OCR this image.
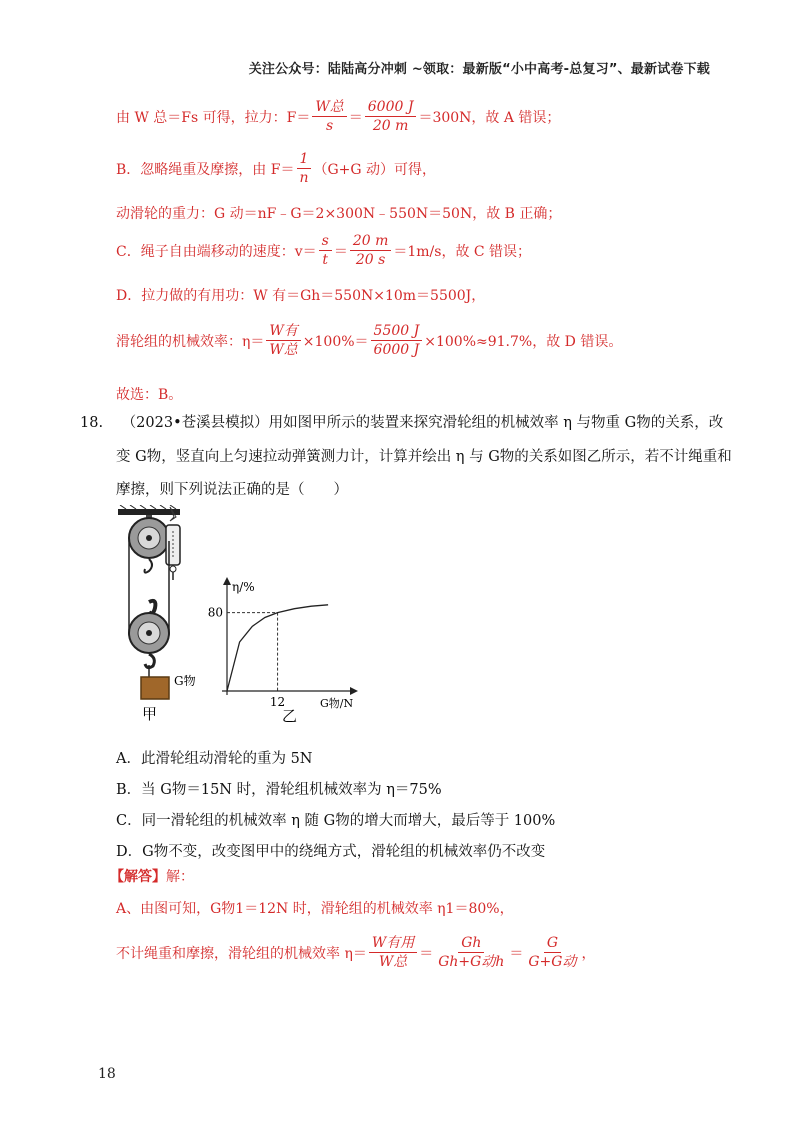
关注公众号：陆陆高分冲刺 ~领取：最新版“小中高考-总复习”、最新试卷下载
由 W 总＝Fs 可得，拉力：$F= \frac{\text{W总}}{s} = \frac{6000 J}{20 m} =300N$，故 A 错误；
B．忽略绳重及摩擦，由 $F= \frac{1}{n} (G+G$ 动）可得，
动滑轮的重力：G 动＝nF﹣G＝2×300N﹣550N＝50N，故 B 正确；
C．绳子自由端移动的速度：$v= \frac{s}{t} = \frac{20 m}{20 s} =1m/s$，故 C 错误；
D．拉力做的有用功：W 有＝Gh＝550N×10m＝5500J，
滑轮组的机械效率：$\eta= \frac{\text{W有}}{\text{W总}} \times 100\%= \frac{5500 J}{6000 J} \times 100\%\approx 91.7\%$，故 D 错误。
故选：B。
18. （2023•苍溪县模拟）用如图甲所示的装置来探究滑轮组的机械效率 η 与物重 G物的关系，改
变 G物，竖直向上匀速拉动弹簧测力计，计算并绘出 η 与 G物的关系如图乙所示，若不计绳重和
摩擦，则下列说法正确的是（　　）
G物
甲
η/%
G物/N
乙
12
80
A．此滑轮组动滑轮的重为 5N
B．当 G物＝15N 时，滑轮组机械效率为 η＝75%
C．同一滑轮组的机械效率 η 随 G物的增大而增大，最后等于 100%
D．G物不变，改变图甲中的绕绳方式，滑轮组的机械效率仍不改变
【解答】 解：
A、由图可知，G物1＝12N 时，滑轮组的机械效率 η1＝80%，
不计绳重和摩擦，滑轮组的机械效率 $\eta= \frac{\text{W有用}}{\text{W总}} = \frac{Gh}{\text{Gh+G动h}} = \frac{G}{\text{G+G动}}$ ，
18
